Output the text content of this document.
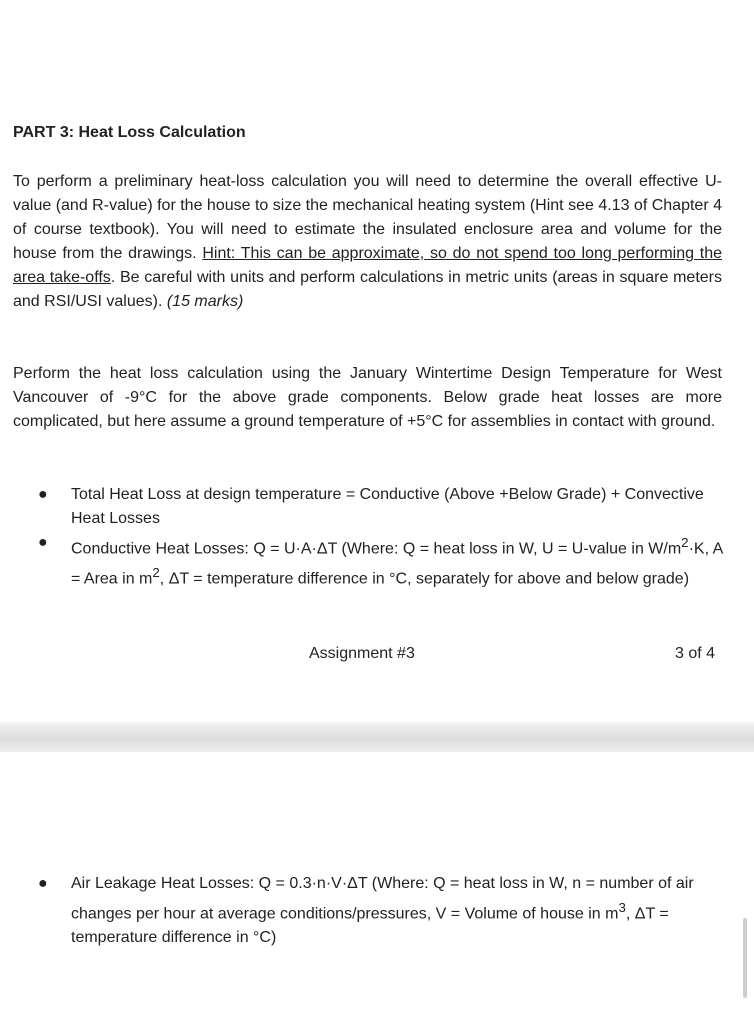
PART 3: Heat Loss Calculation

To perform a preliminary heat-loss calculation you will need to determine the overall effective U-value (and R-value) for the house to size the mechanical heating system (Hint see 4.13 of Chapter 4 of course textbook). You will need to estimate the insulated enclosure area and volume for the house from the drawings. Hint: This can be approximate, so do not spend too long performing the area take-offs. Be careful with units and perform calculations in metric units (areas in square meters and RSI/USI values). (15 marks)

Perform the heat loss calculation using the January Wintertime Design Temperature for West Vancouver of -9°C for the above grade components. Below grade heat losses are more complicated, but here assume a ground temperature of +5°C for assemblies in contact with ground.

● Total Heat Loss at design temperature = Conductive (Above +Below Grade) + Convective Heat Losses
● Conductive Heat Losses: Q = U·A·ΔT (Where: Q = heat loss in W, U = U-value in $W/m^2\cdot K$, A = Area in $m^2$, ΔT = temperature difference in °C, separately for above and below grade)
Assignment #3	3 of 4
● Air Leakage Heat Losses: Q = 0.3·n·V·ΔT (Where: Q = heat loss in W, n = number of air changes per hour at average conditions/pressures, V = Volume of house in $m^3$, ΔT = temperature difference in °C)
